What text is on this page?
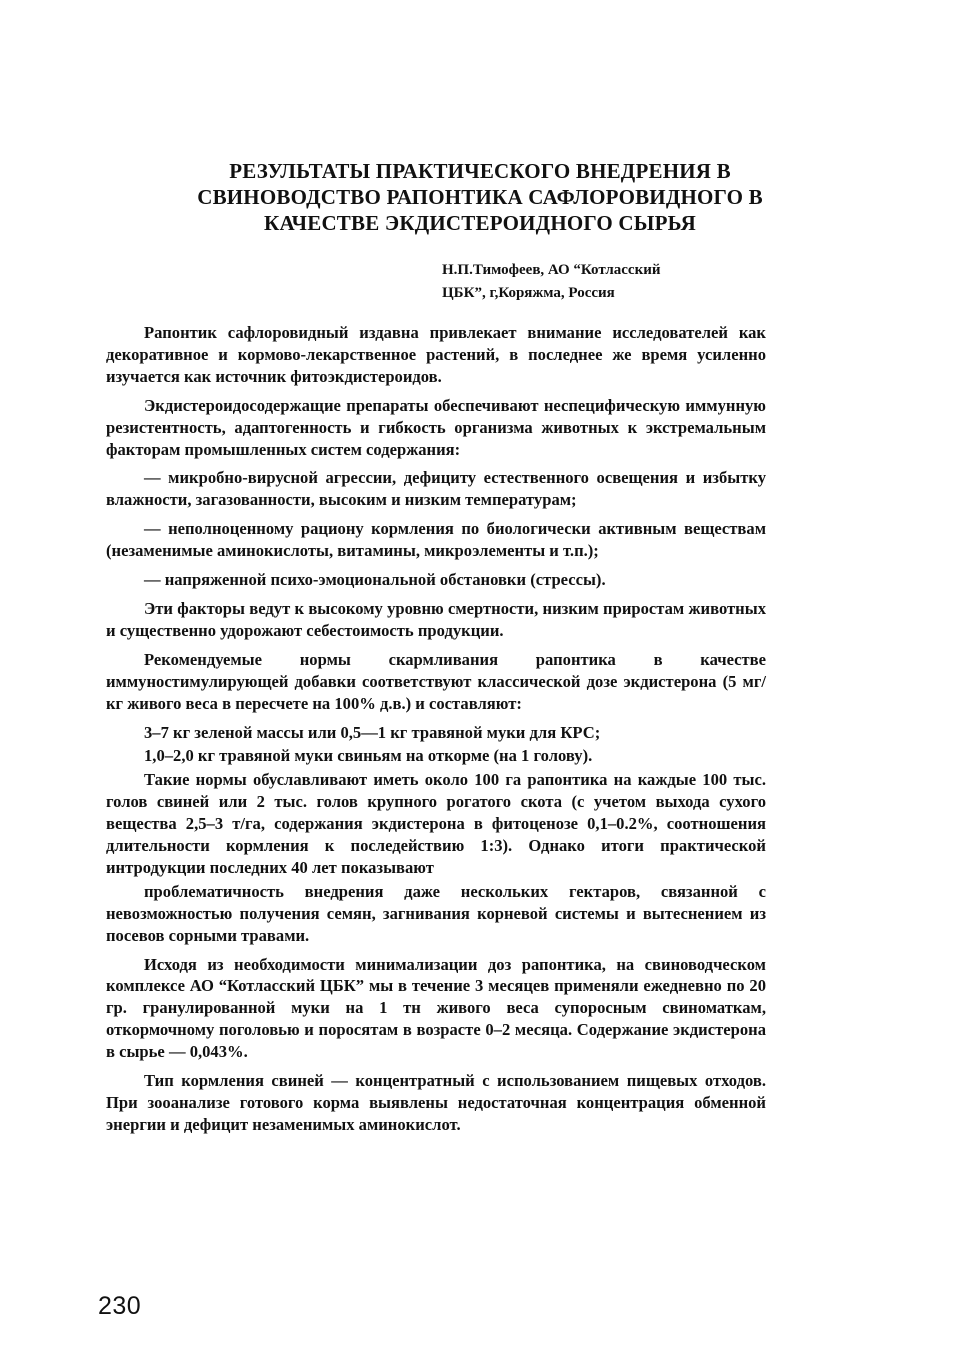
РЕЗУЛЬТАТЫ ПРАКТИЧЕСКОГО ВНЕДРЕНИЯ В
СВИНОВОДСТВО РАПОНТИКА САФЛОРОВИДНОГО В
КАЧЕСТВЕ ЭКДИСТЕРОИДНОГО СЫРЬЯ
Н.П.Тимофеев, АО “Котласский
ЦБК”, г,Коряжма, Россия

Рапонтик сафлоровидный издавна привлекает внимание исследователей как декоративное и кормово-лекарственное растений, в последнее же время усиленно изучается как источник фитоэкдистероидов.

Экдистероидосодержащие препараты обеспечивают неспецифическую иммунную резистентность, адаптогенность и гибкость организма животных к экстремальным факторам промышленных систем содержания:

— микробно-вирусной агрессии, дефициту естественного освещения и избытку влажности, загазованности, высоким и низким температурам;

— неполноценному рациону кормления по биологически активным веществам (незаменимые аминокислоты, витамины, микроэлементы и т.п.);

— напряженной психо-эмоциональной обстановки (стрессы).

Эти факторы ведут к высокому уровню смертности, низким приростам животных и существенно удорожают себестоимость продукции.

Рекомендуемые нормы скармливания рапонтика в качестве иммуностимулирующей добавки соответствуют классической дозе экдистерона (5 мг/кг живого веса в пересчете на 100% д.в.) и составляют:

3–7 кг зеленой массы или 0,5—1 кг травяной муки для КРС;

1,0–2,0 кг травяной муки свиньям на откорме (на 1 голову).

Такие нормы обуславливают иметь около 100 га рапонтика на каждые 100 тыс. голов свиней или 2 тыс. голов крупного рогатого скота (с учетом выхода сухого вещества 2,5–3 т/га, содержания экдистерона в фитоценозе 0,1–0.2%, соотношения длительности кормления к последействию 1:3). Однако итоги практической интродукции последних 40 лет показывают

проблематичность внедрения даже нескольких гектаров, связанной с невозможностью получения семян, загнивания корневой системы и вытеснением из посевов сорными травами.

Исходя из необходимости минимализации доз рапонтика, на свиноводческом комплексе АО “Котласский ЦБК” мы в течение 3 месяцев применяли ежедневно по 20 гр. гранулированной муки на 1 тн живого веса супоросным свиноматкам, откормочному поголовью и поросятам в возрасте 0–2 месяца. Содержание экдистерона в сырье — 0,043%.

Тип кормления свиней — концентратный с использованием пищевых отходов. При зооанализе готового корма выявлены недостаточная концентрация обменной энергии и дефицит незаменимых аминокислот.

230
